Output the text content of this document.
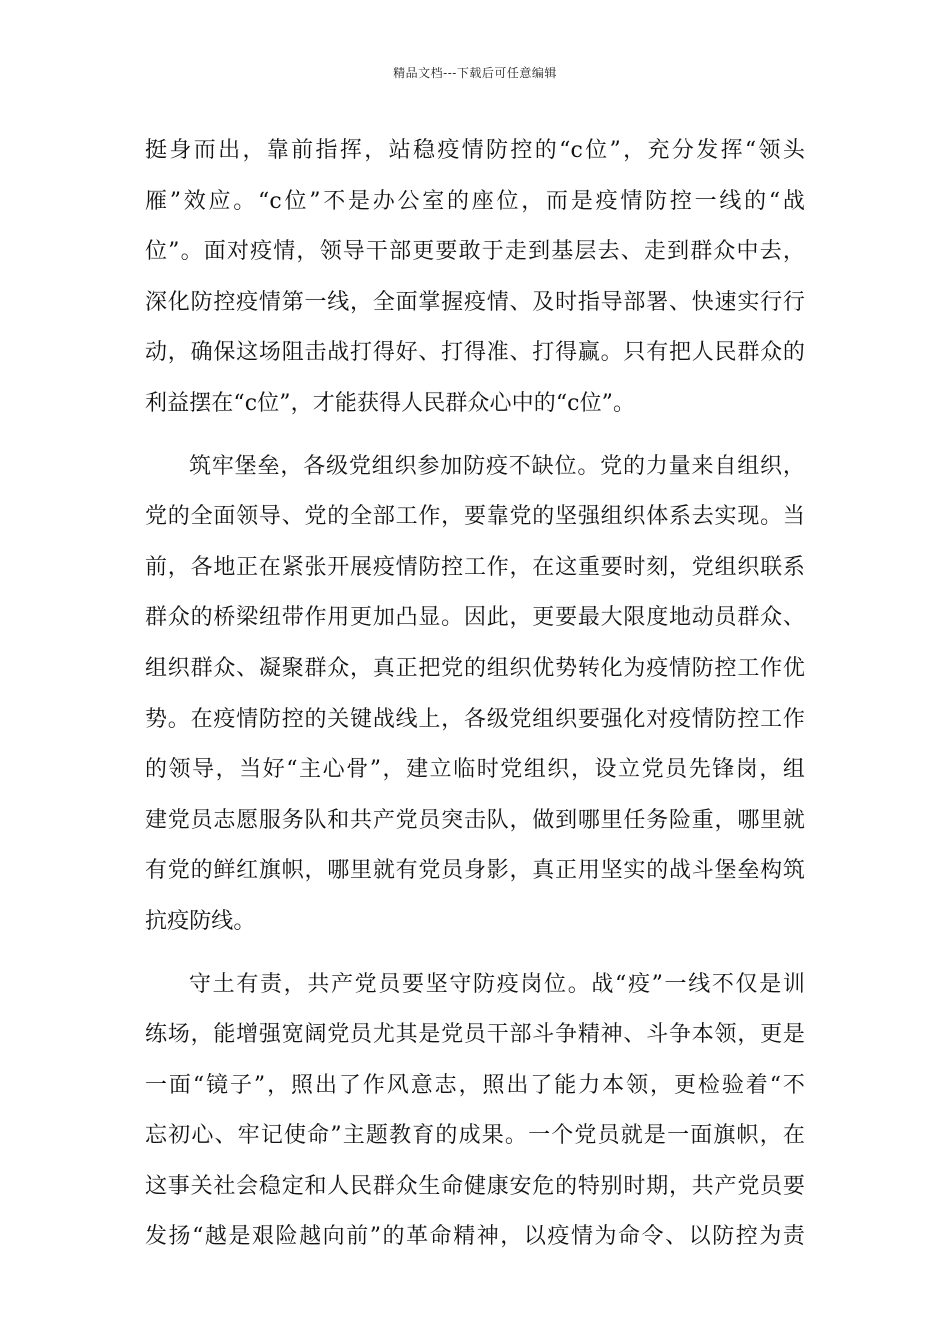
精品文档---下载后可任意编辑

挺身而出，靠前指挥，站稳疫情防控的“c位”，充分发挥“领头
雁”效应。“c位”不是办公室的座位，而是疫情防控一线的“战
位”。面对疫情，领导干部更要敢于走到基层去、走到群众中去，
深化防控疫情第一线，全面掌握疫情、及时指导部署、快速实行行
动，确保这场阻击战打得好、打得准、打得赢。只有把人民群众的
利益摆在“c位”，才能获得人民群众心中的“c位”。

筑牢堡垒，各级党组织参加防疫不缺位。党的力量来自组织，
党的全面领导、党的全部工作，要靠党的坚强组织体系去实现。当
前，各地正在紧张开展疫情防控工作，在这重要时刻，党组织联系
群众的桥梁纽带作用更加凸显。因此，更要最大限度地动员群众、
组织群众、凝聚群众，真正把党的组织优势转化为疫情防控工作优
势。在疫情防控的关键战线上，各级党组织要强化对疫情防控工作
的领导，当好“主心骨”，建立临时党组织，设立党员先锋岗，组
建党员志愿服务队和共产党员突击队，做到哪里任务险重，哪里就
有党的鲜红旗帜，哪里就有党员身影，真正用坚实的战斗堡垒构筑
抗疫防线。

守土有责，共产党员要坚守防疫岗位。战“疫”一线不仅是训
练场，能增强宽阔党员尤其是党员干部斗争精神、斗争本领，更是
一面“镜子”，照出了作风意志，照出了能力本领，更检验着“不
忘初心、牢记使命”主题教育的成果。一个党员就是一面旗帜，在
这事关社会稳定和人民群众生命健康安危的特别时期，共产党员要
发扬“越是艰险越向前”的革命精神，以疫情为命令、以防控为责
